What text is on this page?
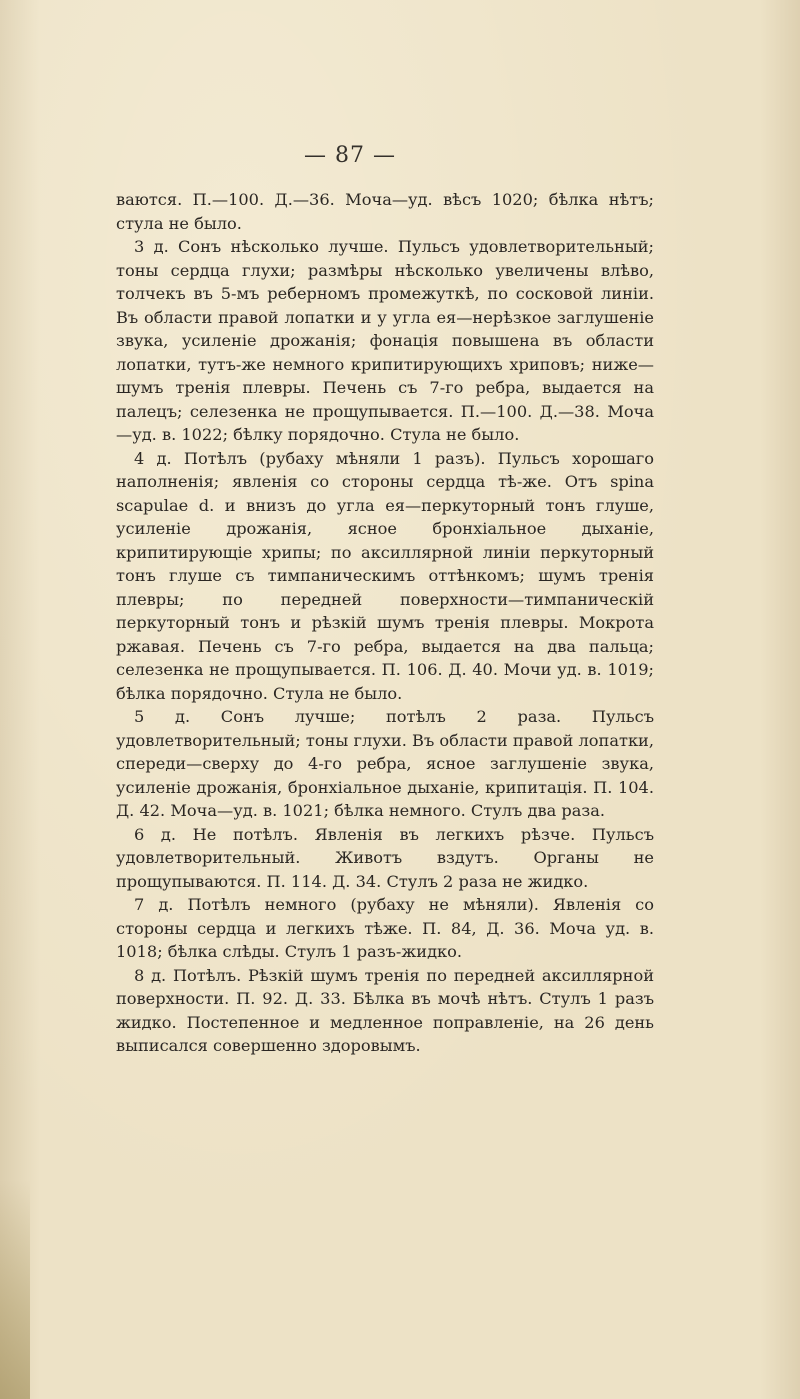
— 87 —

ваются. П.—100. Д.—36. Моча—уд. вѣсъ 1020; бѣлка нѣтъ; стула не было.

3 д. Сонъ нѣсколько лучше. Пульсъ удовлетворительный; тоны сердца глухи; размѣры нѣсколько увеличены влѣво, толчекъ въ 5-мъ реберномъ промежуткѣ, по сосковой линіи. Въ области правой лопатки и у угла ея—нерѣзкое заглушеніе звука, усиленіе дрожанія; фонація повышена въ области лопатки, тутъ-же немного крипитирующихъ хриповъ; ниже—шумъ тренія плевры. Печень съ 7-го ребра, выдается на палецъ; селезенка не прощупывается. П.—100. Д.—38. Моча—уд. в. 1022; бѣлку порядочно. Стула не было.

4 д. Потѣлъ (рубаху мѣняли 1 разъ). Пульсъ хорошаго наполненія; явленія со стороны сердца тѣ-же. Отъ spina scapulae d. и внизъ до угла ея—перкуторный тонъ глуше, усиленіе дрожанія, ясное бронхіальное дыханіе, крипитирующіе хрипы; по аксиллярной линіи перкуторный тонъ глуше съ тимпаническимъ оттѣнкомъ; шумъ тренія плевры; по передней поверхности—тимпаническій перкуторный тонъ и рѣзкій шумъ тренія плевры. Мокрота ржавая. Печень съ 7-го ребра, выдается на два пальца; селезенка не прощупывается. П. 106. Д. 40. Мочи уд. в. 1019; бѣлка порядочно. Стула не было.

5 д. Сонъ лучше; потѣлъ 2 раза. Пульсъ удовлетворительный; тоны глухи. Въ области правой лопатки, спереди—сверху до 4-го ребра, ясное заглушеніе звука, усиленіе дрожанія, бронхіальное дыханіе, крипитація. П. 104. Д. 42. Моча—уд. в. 1021; бѣлка немного. Стулъ два раза.

6 д. Не потѣлъ. Явленія въ легкихъ рѣзче. Пульсъ удовлетворительный. Животъ вздутъ. Органы не прощупываются. П. 114. Д. 34. Стулъ 2 раза не жидко.

7 д. Потѣлъ немного (рубаху не мѣняли). Явленія со стороны сердца и легкихъ тѣже. П. 84, Д. 36. Моча уд. в. 1018; бѣлка слѣды. Стулъ 1 разъ-жидко.

8 д. Потѣлъ. Рѣзкій шумъ тренія по передней аксиллярной поверхности. П. 92. Д. 33. Бѣлка въ мочѣ нѣтъ. Стулъ 1 разъ жидко. Постепенное и медленное поправленіе, на 26 день выписался совершенно здоровымъ.
